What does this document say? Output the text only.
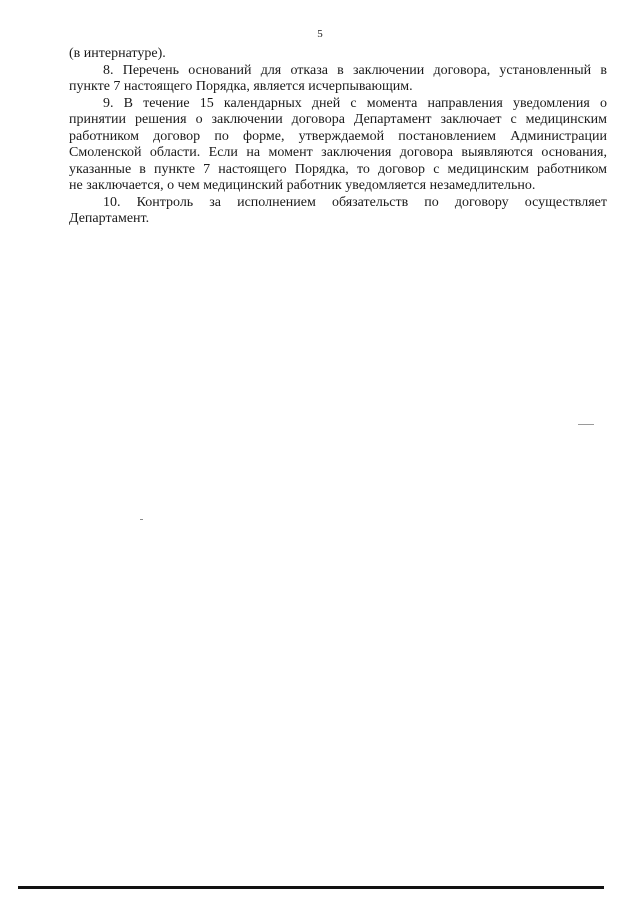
5
(в интернатуре).
8. Перечень оснований для отказа в заключении договора, установленный в
пункте 7 настоящего Порядка, является исчерпывающим.
9. В течение 15 календарных дней с момента направления уведомления о
принятии решения о заключении договора Департамент заключает с медицинским
работником договор по форме, утверждаемой постановлением Администрации
Смоленской области. Если на момент заключения договора выявляются основания,
указанные в пункте 7 настоящего Порядка, то договор с медицинским работником
не заключается, о чем медицинский работник уведомляется незамедлительно.
10. Контроль за исполнением обязательств по договору осуществляет
Департамент.
